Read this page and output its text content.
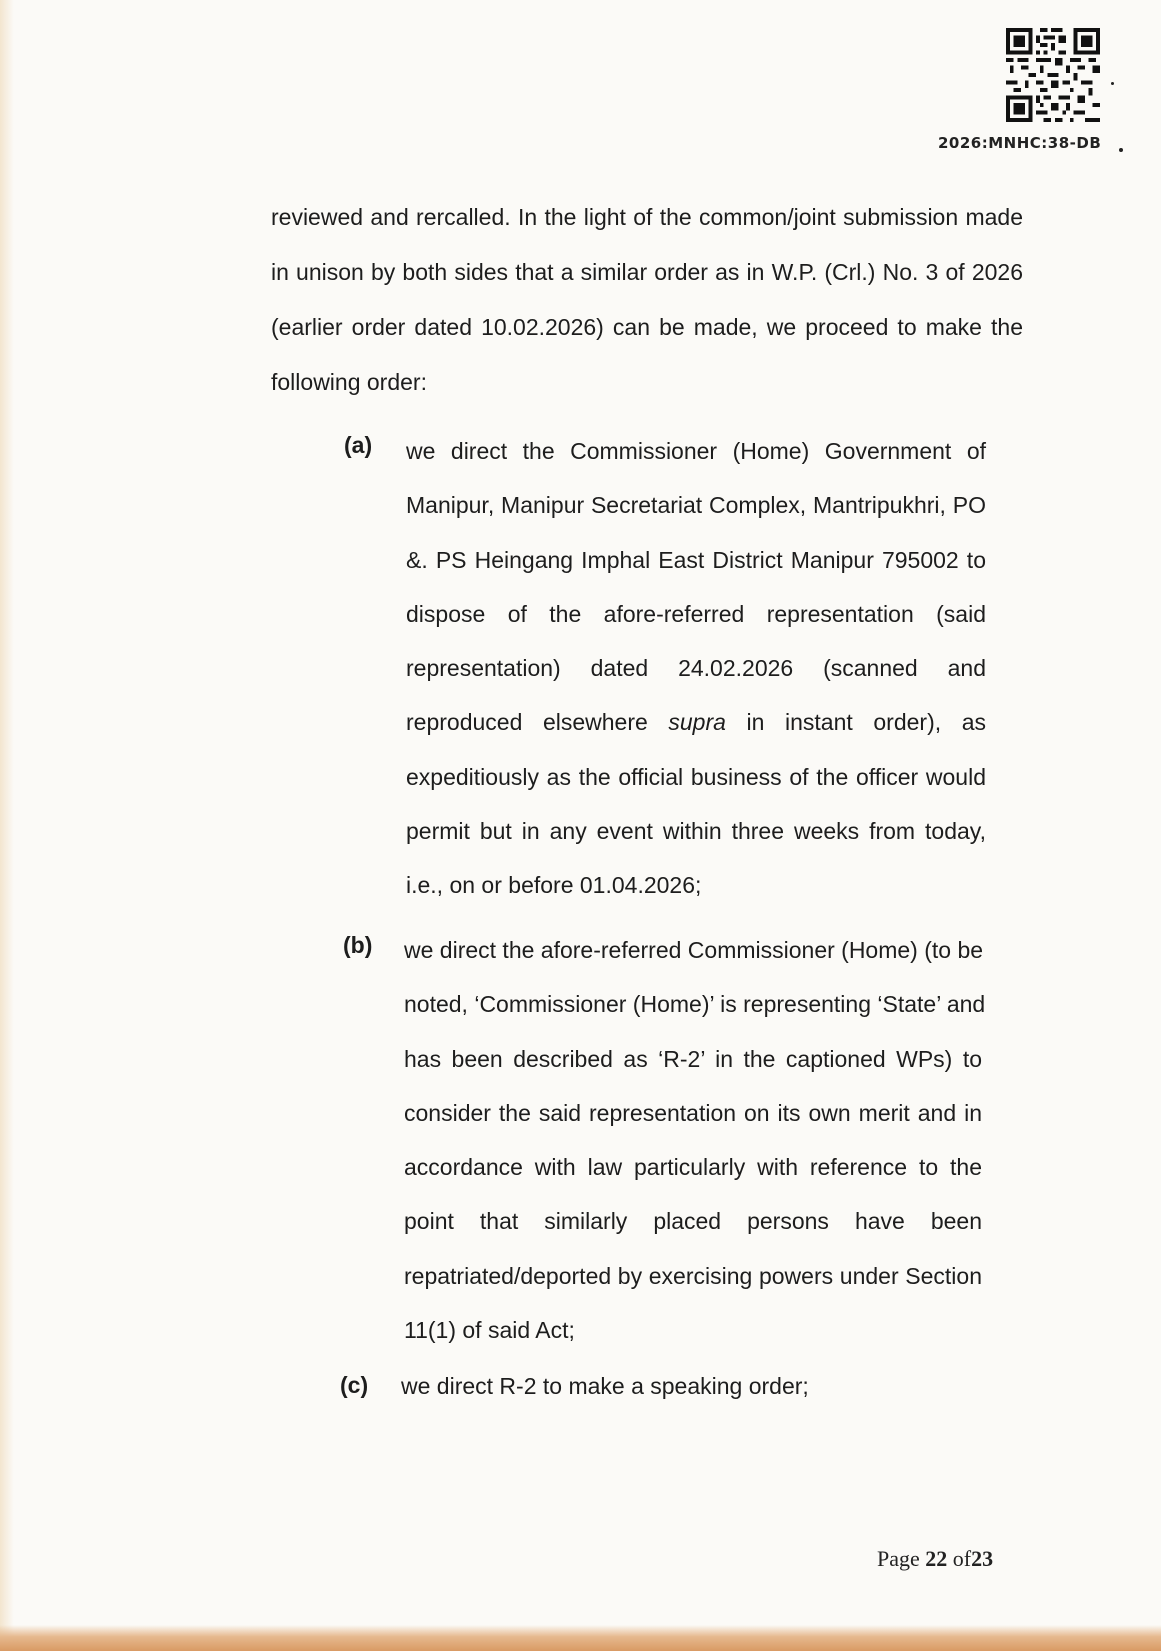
2026:MNHC:38-DB
reviewed and rercalled. In the light of the common/joint submission made
in unison by both sides that a similar order as in W.P. (Crl.) No. 3 of 2026
(earlier order dated 10.02.2026) can be made, we proceed to make the
following order:
(a) we direct the Commissioner (Home) Government of
Manipur, Manipur Secretariat Complex, Mantripukhri, PO
&. PS Heingang Imphal East District Manipur 795002 to
dispose of the afore-referred representation (said
representation) dated 24.02.2026 (scanned and
reproduced elsewhere supra in instant order), as
expeditiously as the official business of the officer would
permit but in any event within three weeks from today,
i.e., on or before 01.04.2026;
(b) we direct the afore-referred Commissioner (Home) (to be
noted, ‘Commissioner (Home)’ is representing ‘State’ and
has been described as ‘R-2’ in the captioned WPs) to
consider the said representation on its own merit and in
accordance with law particularly with reference to the
point that similarly placed persons have been
repatriated/deported by exercising powers under Section
11(1) of said Act;
(c) we direct R-2 to make a speaking order;
Page 22 of23
